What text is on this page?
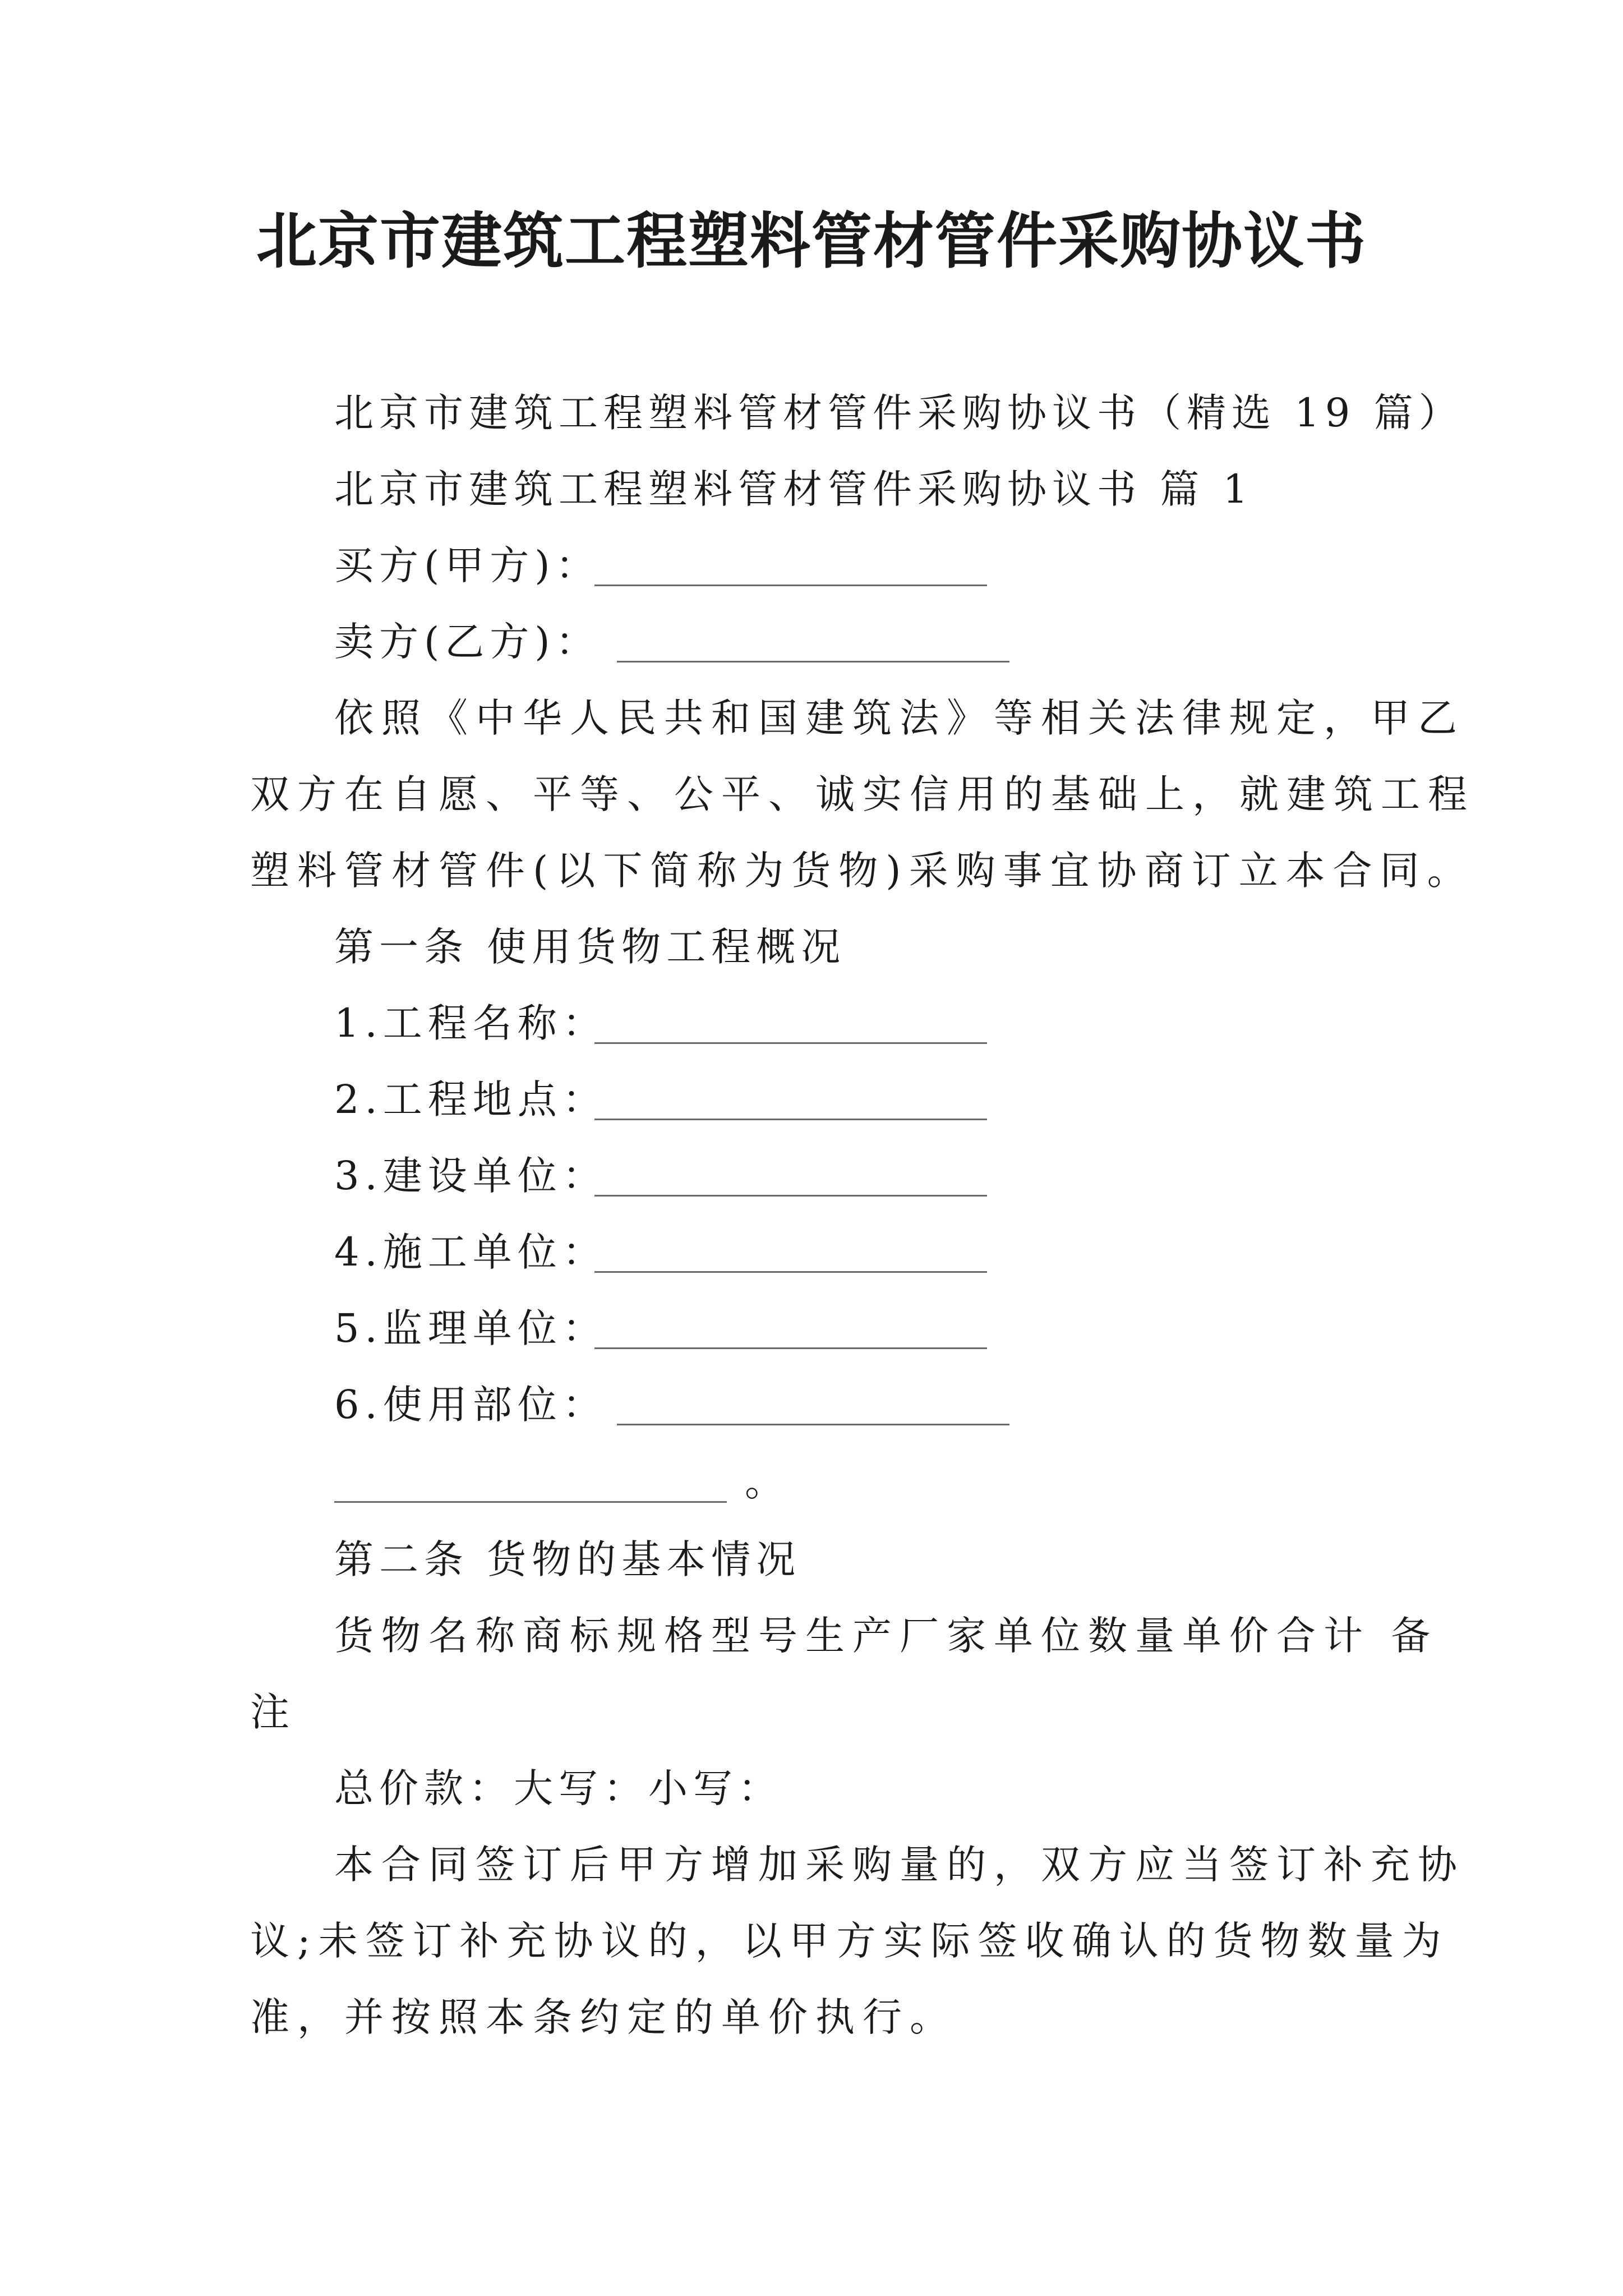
北京市建筑工程塑料管材管件采购协议书
北京市建筑工程塑料管材管件采购协议书（精选 19 篇）
北京市建筑工程塑料管材管件采购协议书 篇 1
买方(甲方)：
卖方(乙方)：
依照《中华人民共和国建筑法》等相关法律规定，甲乙
双方在自愿、平等、公平、诚实信用的基础上，就建筑工程
塑料管材管件(以下简称为货物)采购事宜协商订立本合同。
第一条 使用货物工程概况
1.工程名称：
2.工程地点：
3.建设单位：
4.施工单位：
5.监理单位：
6.使用部位：
。
第二条 货物的基本情况
货物名称商标规格型号生产厂家单位数量单价合计 备
注
总价款：大写：小写：
本合同签订后甲方增加采购量的，双方应当签订补充协
议;未签订补充协议的，以甲方实际签收确认的货物数量为
准，并按照本条约定的单价执行。
